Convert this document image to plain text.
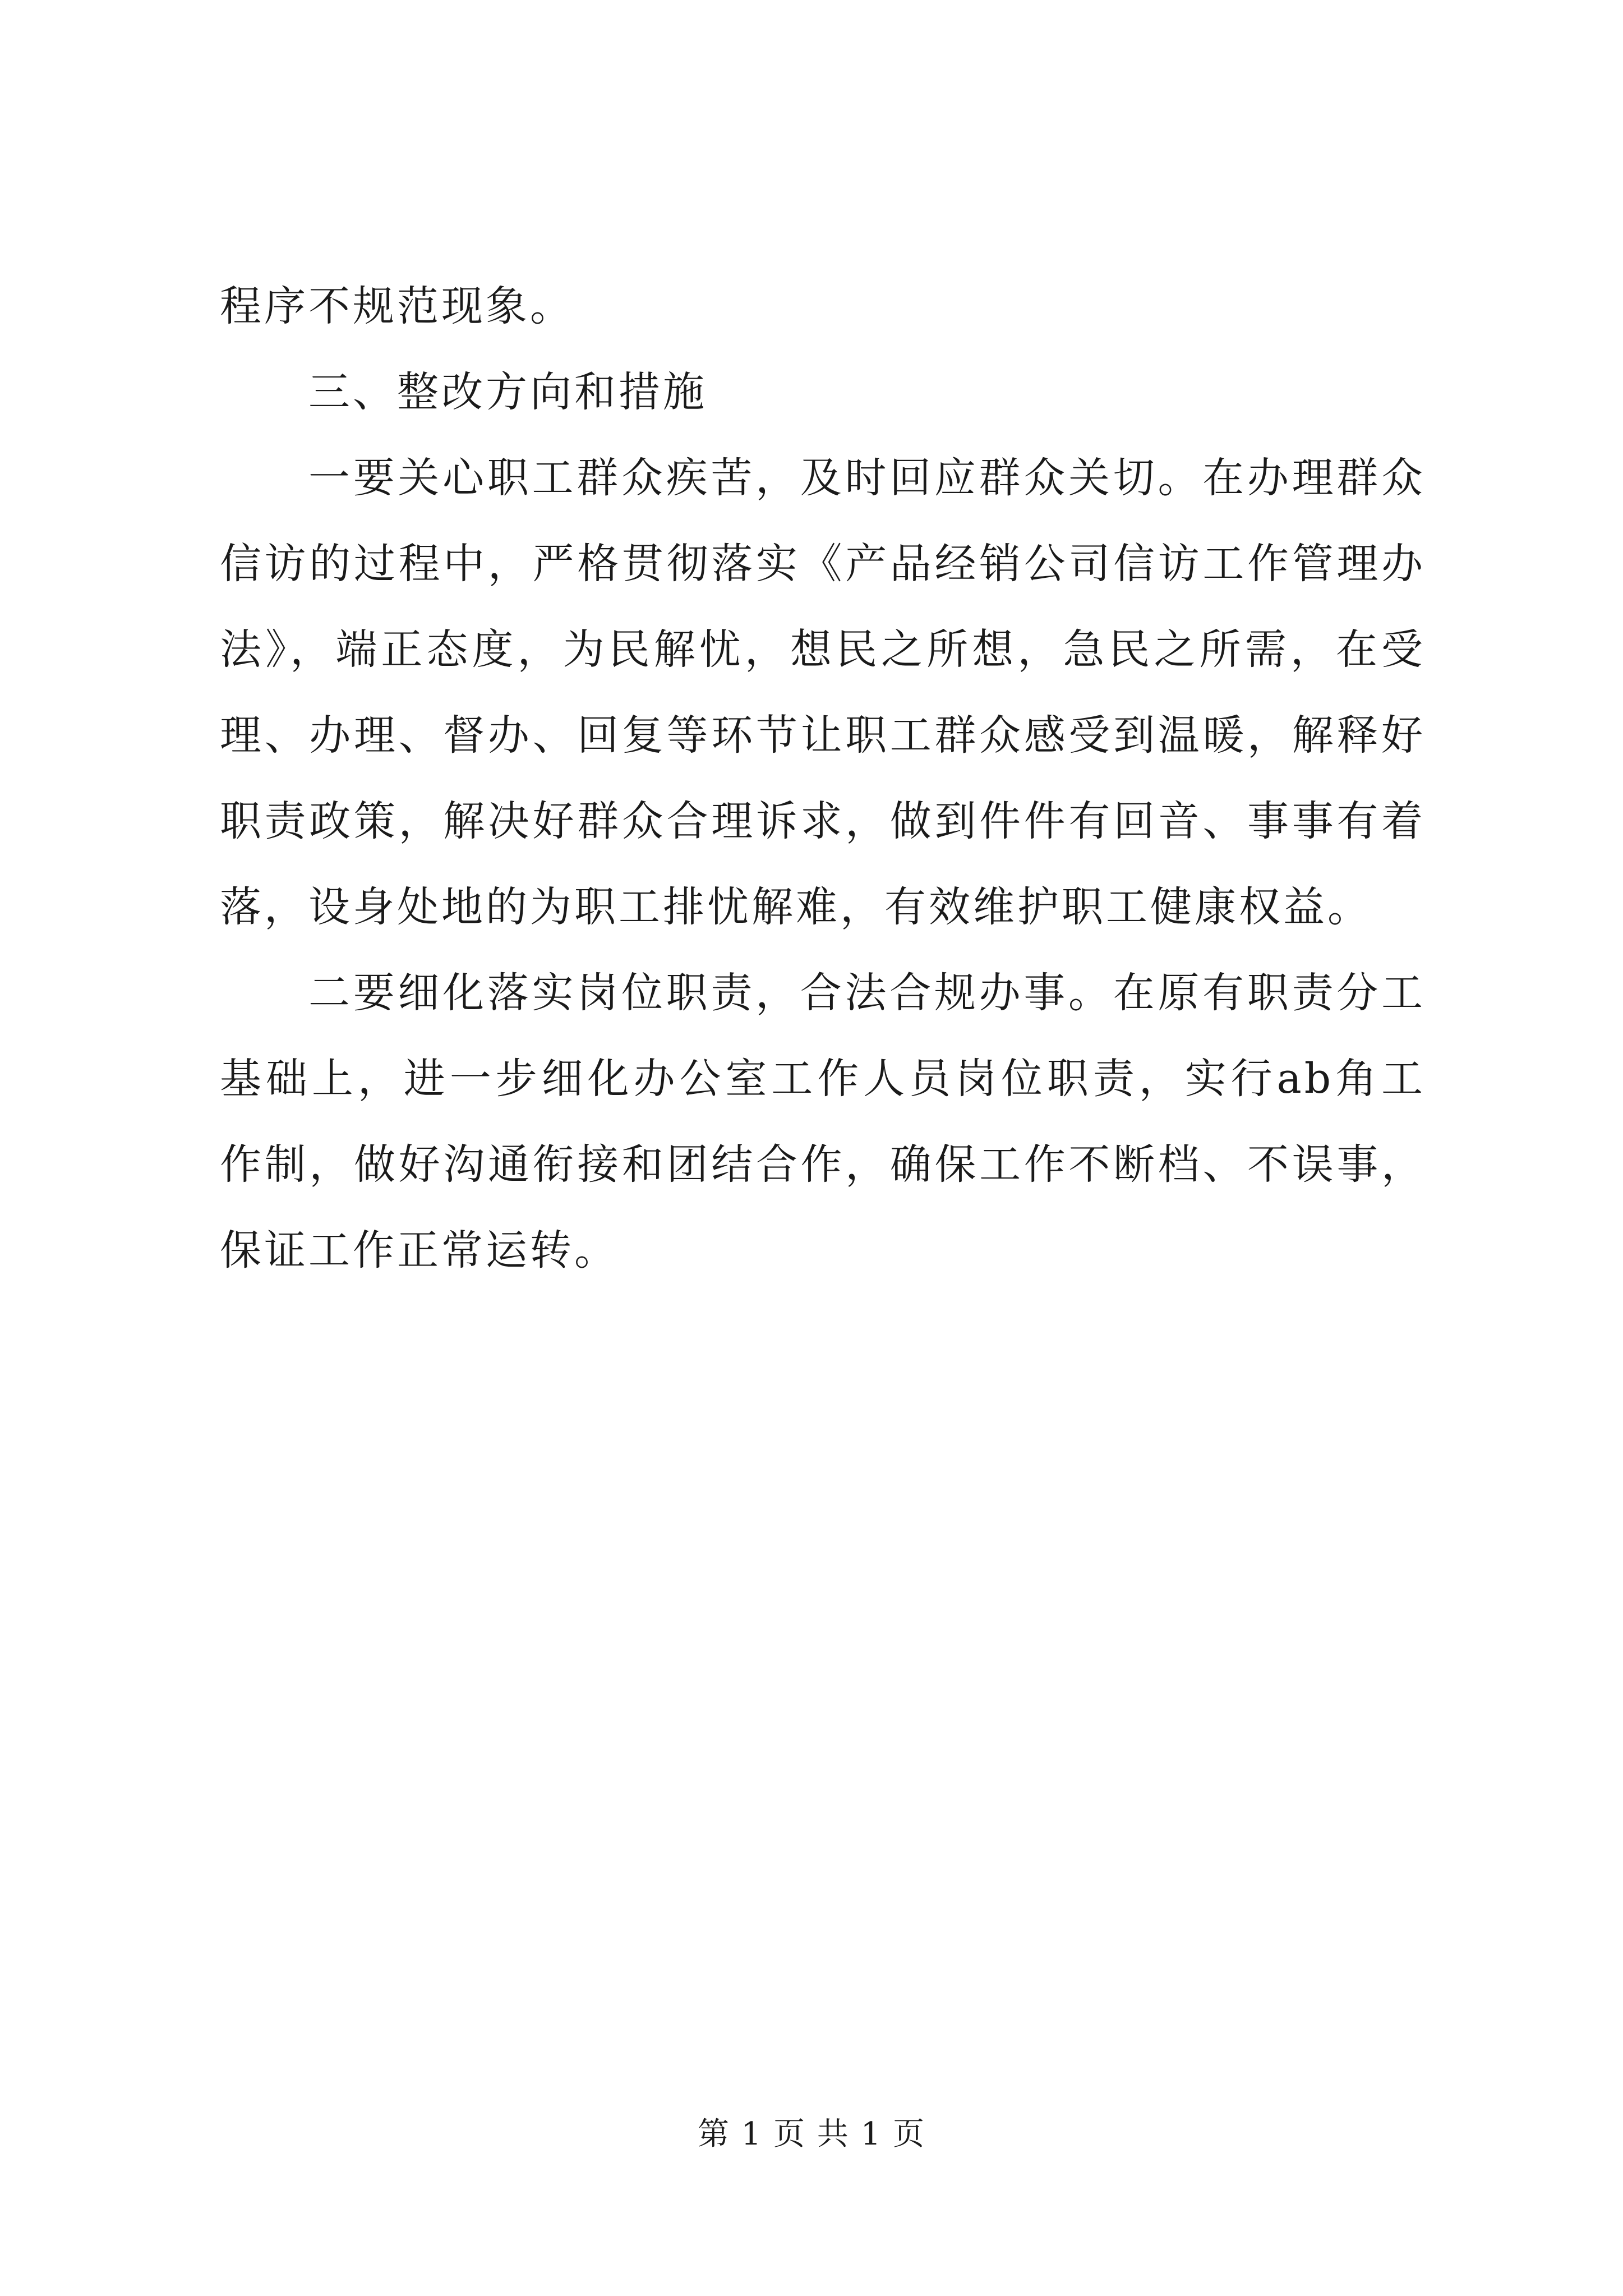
程序不规范现象。

三、整改方向和措施

一要关心职工群众疾苦，及时回应群众关切。在办理群众信访的过程中，严格贯彻落实《产品经销公司信访工作管理办法》，端正态度，为民解忧，想民之所想，急民之所需，在受理、办理、督办、回复等环节让职工群众感受到温暖，解释好职责政策，解决好群众合理诉求，做到件件有回音、事事有着落，设身处地的为职工排忧解难，有效维护职工健康权益。

二要细化落实岗位职责，合法合规办事。在原有职责分工基础上，进一步细化办公室工作人员岗位职责，实行ab角工作制，做好沟通衔接和团结合作，确保工作不断档、不误事，保证工作正常运转。

第 1 页 共 1 页
